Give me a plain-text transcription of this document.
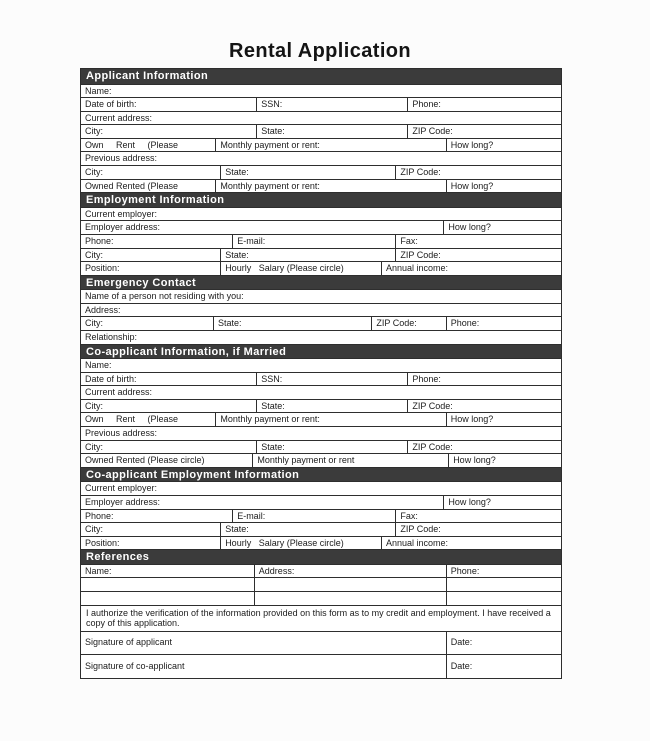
Rental Application
Applicant Information
Name:
Date of birth:	SSN:	Phone:
Current address:
City:	State:	ZIP Code:
Own     Rent     (Please	Monthly payment or rent:	How long?
Previous address:
City:	State:	ZIP Code:
Owned Rented (Please	Monthly payment or rent:	How long?
Employment Information
Current employer:
Employer address:	How long?
Phone:	E-mail:	Fax:
City:	State:	ZIP Code:
Position:	Hourly   Salary (Please circle)	Annual income:
Emergency Contact
Name of a person not residing with you:
Address:
City:	State:	ZIP Code:	Phone:
Relationship:
Co-applicant Information, if Married
Name:
Date of birth:	SSN:	Phone:
Current address:
City:	State:	ZIP Code:
Own     Rent     (Please	Monthly payment or rent:	How long?
Previous address:
City:	State:	ZIP Code:
Owned Rented (Please circle)	Monthly payment or rent	How long?
Co-applicant Employment Information
Current employer:
Employer address:	How long?
Phone:	E-mail:	Fax:
City:	State:	ZIP Code:
Position:	Hourly   Salary (Please circle)	Annual income:
References
Name:	Address:	Phone:
I authorize the verification of the information provided on this form as to my credit and employment. I have received a copy of this application.
Signature of applicant	Date:
Signature of co-applicant	Date:
